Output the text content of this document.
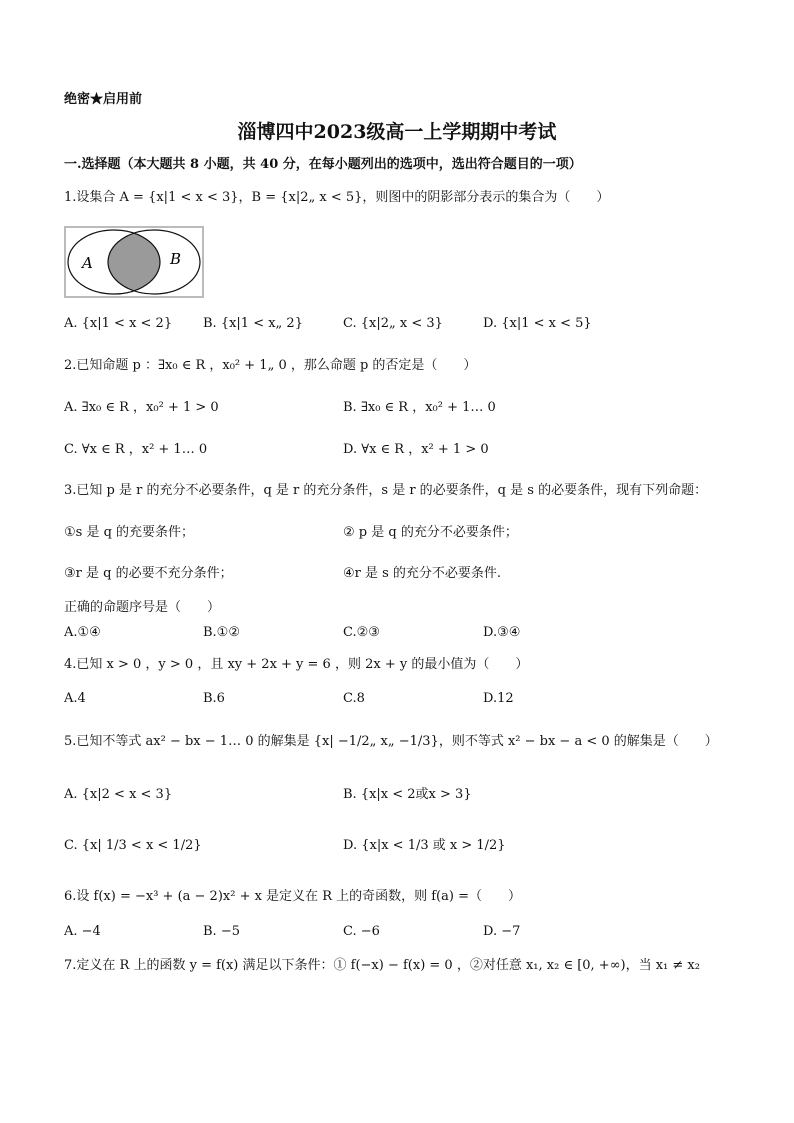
绝密★启用前
淄博四中2023级高一上学期期中考试
一.选择题（本大题共 8 小题，共 40 分，在每小题列出的选项中，选出符合题目的一项）
1.设集合 A = {x|1 < x < 3}，B = {x|2„ x < 5}，则图中的阴影部分表示的集合为（　　）
A	B
A. {x|1 < x < 2} B. {x|1 < x„ 2}	C. {x|2„ x < 3}	D. {x|1 < x < 5}
2.已知命题 p ：∃x₀ ∈ R ，x₀² + 1„ 0 ，那么命题 p 的否定是（　　）
A. ∃x₀ ∈ R ，x₀² + 1 > 0	B. ∃x₀ ∈ R ，x₀² + 1… 0
C. ∀x ∈ R ，x² + 1… 0	D. ∀x ∈ R ，x² + 1 > 0
3.已知 p 是 r 的充分不必要条件，q 是 r 的充分条件，s 是 r 的必要条件，q 是 s 的必要条件，现有下列命题：
①s 是 q 的充要条件；	② p 是 q 的充分不必要条件；
③r 是 q 的必要不充分条件；	④r 是 s 的充分不必要条件.
正确的命题序号是（　　）
A.①④	B.①②	C.②③	D.③④
4.已知 x > 0 ，y > 0 ，且 xy + 2x + y = 6 ，则 2x + y 的最小值为（　　）
A.4	B.6	C.8	D.12
5.已知不等式 ax² − bx − 1… 0 的解集是 {x| −1/2„ x„ −1/3}，则不等式 x² − bx − a < 0 的解集是（　　）
A. {x|2 < x < 3}	B. {x|x < 2或x > 3}
C. {x| 1/3 < x < 1/2}	D. {x|x < 1/3 或 x > 1/2}
6.设 f(x) = −x³ + (a − 2)x² + x 是定义在 R 上的奇函数，则 f(a) =（　　）
A. −4	B. −5	C. −6	D. −7
7.定义在 R 上的函数 y = f(x) 满足以下条件：① f(−x) − f(x) = 0 ，②对任意 x₁, x₂ ∈ [0, +∞)，当 x₁ ≠ x₂
